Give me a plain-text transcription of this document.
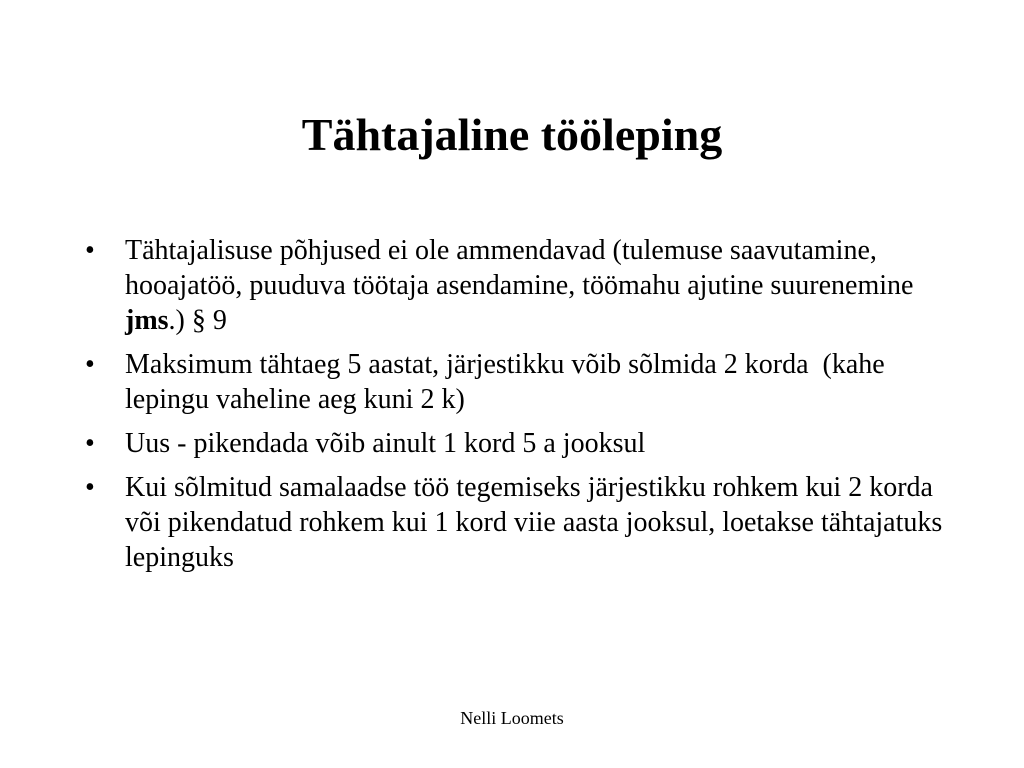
Tähtajaline tööleping
•	Tähtajalisuse põhjused ei ole ammendavad (tulemuse saavutamine, hooajatöö, puuduva töötaja asendamine, töömahu ajutine suurenemine jms.) § 9
•	Maksimum tähtaeg 5 aastat, järjestikku võib sõlmida 2 korda  (kahe lepingu vaheline aeg kuni 2 k)
•	Uus - pikendada võib ainult 1 kord 5 a jooksul
•	Kui sõlmitud samalaadse töö tegemiseks järjestikku rohkem kui 2 korda või pikendatud rohkem kui 1 kord viie aasta jooksul, loetakse tähtajatuks lepinguks
Nelli Loomets
